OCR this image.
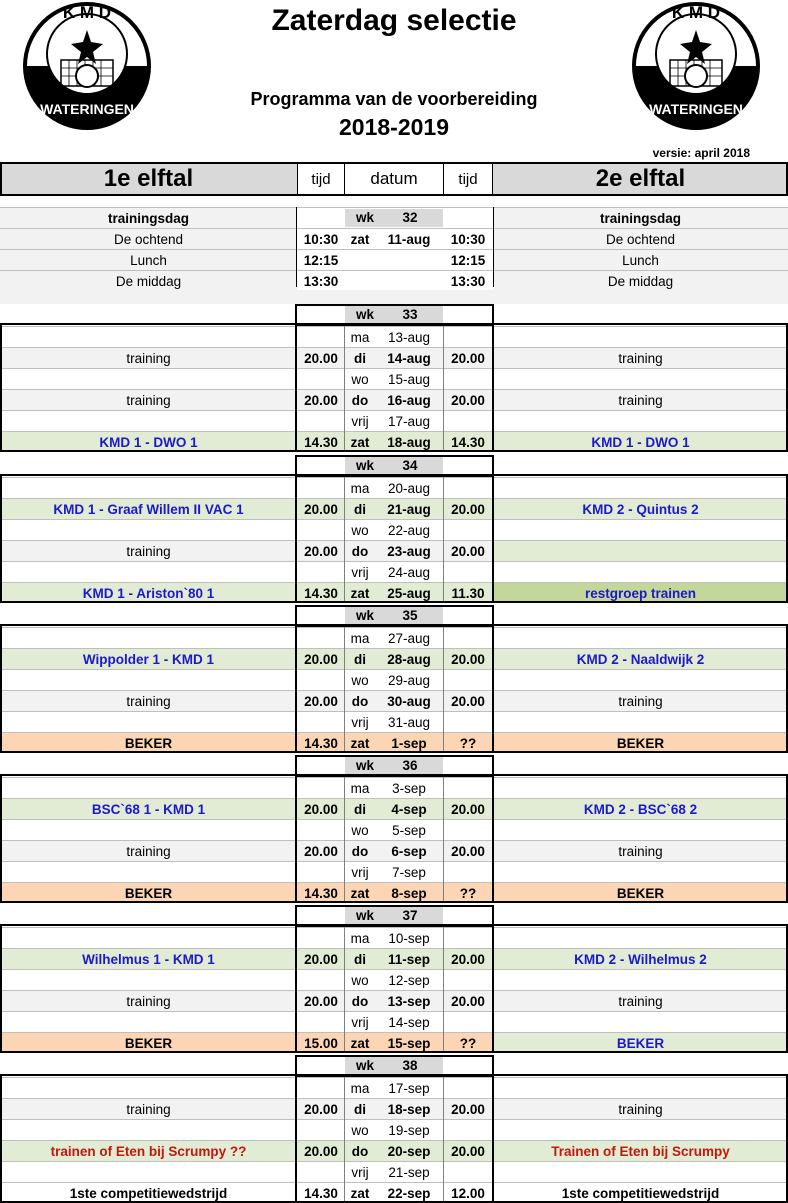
K M D
WATERINGEN
K M D
WATERINGEN
Zaterdag selectie
Programma van de voorbereiding
2018-2019
versie: april 2018
1e elftal	tijd	datum	tijd	2e elftal
trainingsdag					trainingsdag
De ochtend	10:30	zat	11-aug	10:30	De ochtend
Lunch	12:15			12:15	Lunch
De middag	13:30			13:30	De middag
wk	32
wk	33
		ma	13-aug		
training	20.00	di	14-aug	20.00	training
		wo	15-aug		
training	20.00	do	16-aug	20.00	training
		vrij	17-aug		
KMD 1 - DWO 1	14.30	zat	18-aug	14.30	KMD 1 - DWO 1
wk	34
		ma	20-aug		
KMD 1 - Graaf Willem II VAC 1	20.00	di	21-aug	20.00	KMD 2 - Quintus 2
		wo	22-aug		
training	20.00	do	23-aug	20.00	
		vrij	24-aug		
KMD 1 - Ariston`80 1	14.30	zat	25-aug	11.30	restgroep trainen
wk	35
		ma	27-aug		
Wippolder 1 - KMD 1	20.00	di	28-aug	20.00	KMD 2 - Naaldwijk 2
		wo	29-aug		
training	20.00	do	30-aug	20.00	training
		vrij	31-aug		
BEKER	14.30	zat	1-sep	??	BEKER
wk	36
		ma	3-sep		
BSC`68 1 - KMD 1	20.00	di	4-sep	20.00	KMD 2 - BSC`68 2
		wo	5-sep		
training	20.00	do	6-sep	20.00	training
		vrij	7-sep		
BEKER	14.30	zat	8-sep	??	BEKER
wk	37
		ma	10-sep		
Wilhelmus 1 - KMD 1	20.00	di	11-sep	20.00	KMD 2 - Wilhelmus 2
		wo	12-sep		
training	20.00	do	13-sep	20.00	training
		vrij	14-sep		
BEKER	15.00	zat	15-sep	??	BEKER
wk	38
		ma	17-sep		
training	20.00	di	18-sep	20.00	training
		wo	19-sep		
trainen of Eten bij Scrumpy ??	20.00	do	20-sep	20.00	Trainen of Eten bij Scrumpy
		vrij	21-sep		
1ste competitiewedstrijd	14.30	zat	22-sep	12.00	1ste competitiewedstrijd
